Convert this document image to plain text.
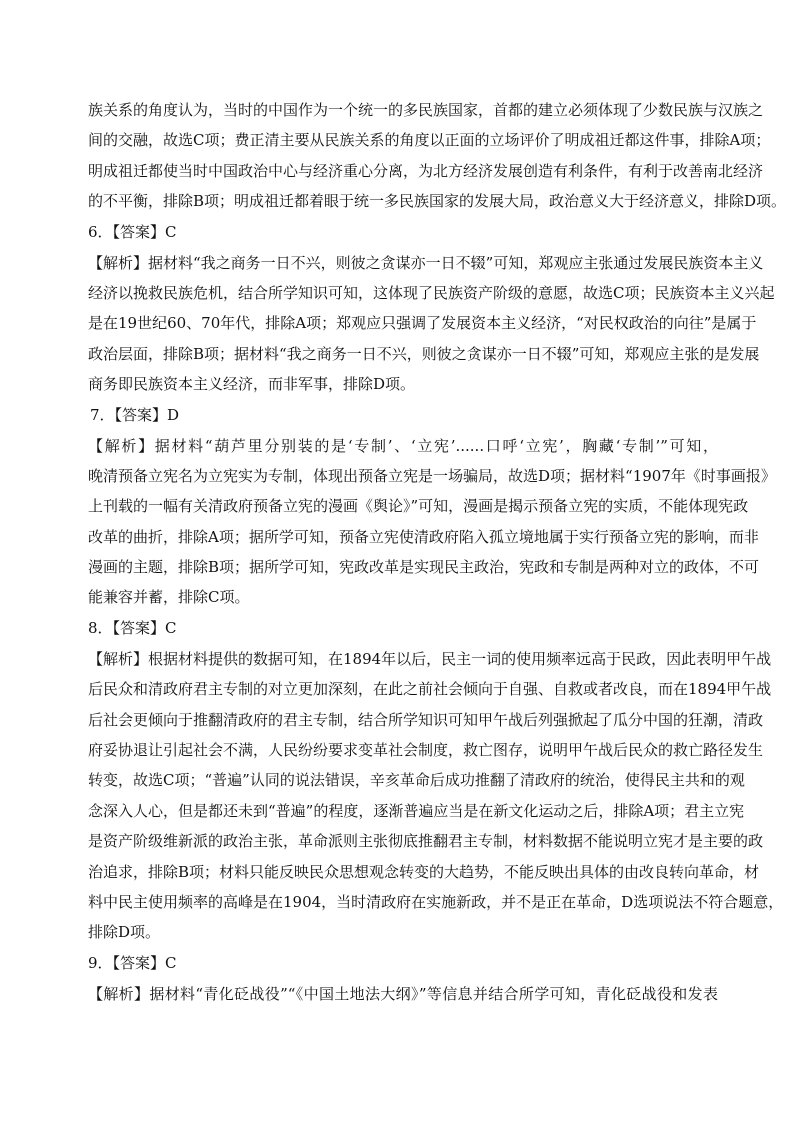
族关系的角度认为，当时的中国作为一个统一的多民族国家，首都的建立必须体现了少数民族与汉族之
间的交融，故选C项；费正清主要从民族关系的角度以正面的立场评价了明成祖迁都这件事，排除A项；
明成祖迁都使当时中国政治中心与经济重心分离，为北方经济发展创造有利条件，有利于改善南北经济
的不平衡，排除B项；明成祖迁都着眼于统一多民族国家的发展大局，政治意义大于经济意义，排除D项。
6．【答案】C
【解析】据材料“我之商务一日不兴，则彼之贪谋亦一日不辍”可知，郑观应主张通过发展民族资本主义
经济以挽救民族危机，结合所学知识可知，这体现了民族资产阶级的意愿，故选C项；民族资本主义兴起
是在19世纪60、70年代，排除A项；郑观应只强调了发展资本主义经济，“对民权政治的向往”是属于
政治层面，排除B项；据材料“我之商务一日不兴，则彼之贪谋亦一日不辍”可知，郑观应主张的是发展
商务即民族资本主义经济，而非军事，排除D项。
7．【答案】D
【解析】据材料“葫芦里分别装的是‘专制’、‘立宪’......口呼‘立宪’，胸藏‘专制’”可知，
晚清预备立宪名为立宪实为专制，体现出预备立宪是一场骗局，故选D项；据材料“1907年《时事画报》
上刊载的一幅有关清政府预备立宪的漫画《舆论》”可知，漫画是揭示预备立宪的实质，不能体现宪政
改革的曲折，排除A项；据所学可知，预备立宪使清政府陷入孤立境地属于实行预备立宪的影响，而非
漫画的主题，排除B项；据所学可知，宪政改革是实现民主政治，宪政和专制是两种对立的政体，不可
能兼容并蓄，排除C项。
8．【答案】C
【解析】根据材料提供的数据可知，在1894年以后，民主一词的使用频率远高于民政，因此表明甲午战
后民众和清政府君主专制的对立更加深刻，在此之前社会倾向于自强、自救或者改良，而在1894甲午战
后社会更倾向于推翻清政府的君主专制，结合所学知识可知甲午战后列强掀起了瓜分中国的狂潮，清政
府妥协退让引起社会不满，人民纷纷要求变革社会制度，救亡图存，说明甲午战后民众的救亡路径发生
转变，故选C项；“普遍”认同的说法错误，辛亥革命后成功推翻了清政府的统治，使得民主共和的观
念深入人心，但是都还未到“普遍”的程度，逐渐普遍应当是在新文化运动之后，排除A项；君主立宪
是资产阶级维新派的政治主张，革命派则主张彻底推翻君主专制，材料数据不能说明立宪才是主要的政
治追求，排除B项；材料只能反映民众思想观念转变的大趋势，不能反映出具体的由改良转向革命，材
料中民主使用频率的高峰是在1904，当时清政府在实施新政，并不是正在革命，D选项说法不符合题意，
排除D项。
9．【答案】C
【解析】据材料“青化砭战役”“《中国土地法大纲》”等信息并结合所学可知，青化砭战役和发表
